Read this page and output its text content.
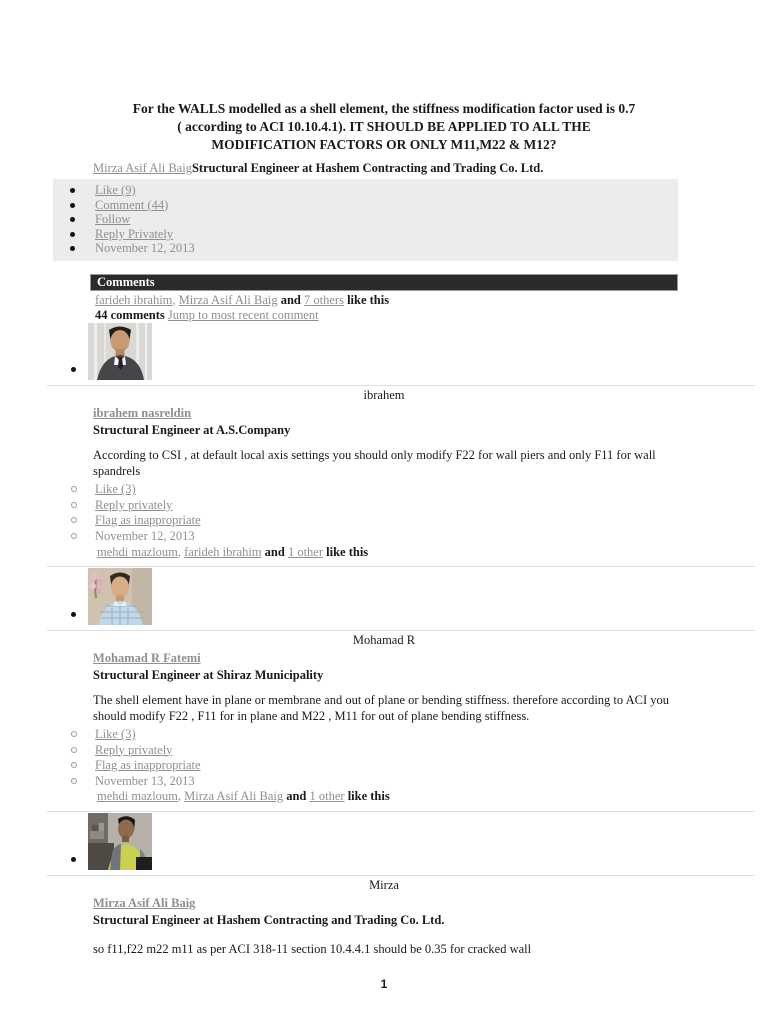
For the WALLS modelled as a shell element, the stiffness modification factor used is 0.7
( according to ACI 10.10.4.1). IT SHOULD BE APPLIED TO ALL THE
MODIFICATION FACTORS OR ONLY M11,M22 & M12?
Mirza Asif Ali BaigStructural Engineer at Hashem Contracting and Trading Co. Ltd.
Like (9)
Comment (44)
Follow
Reply Privately
November 12, 2013
Comments
farideh ibrahim, Mirza Asif Ali Baig and 7 others like this
44 comments Jump to most recent comment
ibrahem
ibrahem nasreldin
Structural Engineer at A.S.Company
According to CSI , at default local axis settings you should only modify F22 for wall piers and only F11 for wall spandrels
Like (3)
Reply privately
Flag as inappropriate
November 12, 2013
mehdi mazloum, farideh ibrahim and 1 other like this
Mohamad R
Mohamad R Fatemi
Structural Engineer at Shiraz Municipality
The shell element have in plane or membrane and out of plane or bending stiffness. therefore according to ACI you should modify F22 , F11 for in plane and M22 , M11 for out of plane bending stiffness.
Like (3)
Reply privately
Flag as inappropriate
November 13, 2013
mehdi mazloum, Mirza Asif Ali Baig and 1 other like this
Mirza
Mirza Asif Ali Baig
Structural Engineer at Hashem Contracting and Trading Co. Ltd.
so f11,f22 m22 m11 as per ACI 318-11 section 10.4.4.1 should be 0.35 for cracked wall
1
